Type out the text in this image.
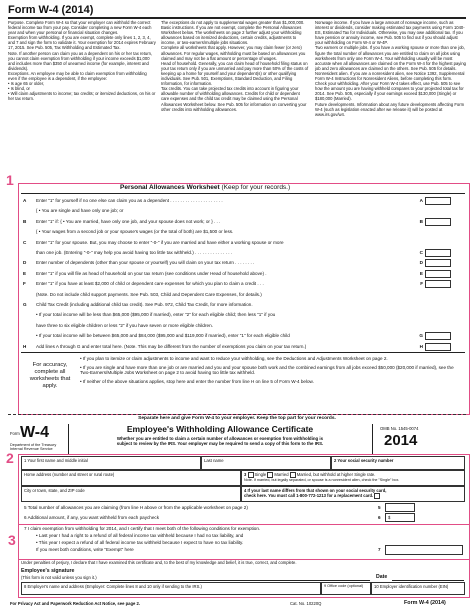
Form W-4 (2014)

Purpose. Complete Form W-4 so that your employer can withhold the correct federal income tax from your pay. Consider completing a new Form W-4 each year and when your personal or financial situation changes.

Exemption from withholding. If you are exempt, complete only lines 1, 2, 3, 4, and 7 and sign the form to validate it. Your exemption for 2014 expires February 17, 2015. See Pub. 505, Tax Withholding and Estimated Tax.

Note. If another person can claim you as a dependent on his or her tax return, you cannot claim exemption from withholding if your income exceeds $1,000 and includes more than $350 of unearned income (for example, interest and dividends).

Exceptions. An employee may be able to claim exemption from withholding even if the employee is a dependent, if the employee:

• Is age 65 or older,

• Is blind, or

• Will claim adjustments to income; tax credits; or itemized deductions, on his or her tax return.

The exceptions do not apply to supplemental wages greater than $1,000,000.

Basic instructions. If you are not exempt, complete the Personal Allowances Worksheet below. The worksheets on page 2 further adjust your withholding allowances based on itemized deductions, certain credits, adjustments to income, or two-earners/multiple jobs situations.

Complete all worksheets that apply. However, you may claim fewer (or zero) allowances. For regular wages, withholding must be based on allowances you claimed and may not be a flat amount or percentage of wages.

Head of household. Generally, you can claim head of household filing status on your tax return only if you are unmarried and pay more than 50% of the costs of keeping up a home for yourself and your dependent(s) or other qualifying individuals. See Pub. 501, Exemptions, Standard Deduction, and Filing Information, for information.

Tax credits. You can take projected tax credits into account in figuring your allowable number of withholding allowances. Credits for child or dependent care expenses and the child tax credit may be claimed using the Personal Allowances Worksheet below. See Pub. 505 for information on converting your other credits into withholding allowances.

Nonwage income. If you have a large amount of nonwage income, such as interest or dividends, consider making estimated tax payments using Form 1040-ES, Estimated Tax for Individuals. Otherwise, you may owe additional tax. If you have pension or annuity income, see Pub. 505 to find out if you should adjust your withholding on Form W-4 or W-4P.

Two earners or multiple jobs. If you have a working spouse or more than one job, figure the total number of allowances you are entitled to claim on all jobs using worksheets from only one Form W-4. Your withholding usually will be most accurate when all allowances are claimed on the Form W-4 for the highest paying job and zero allowances are claimed on the others. See Pub. 505 for details.

Nonresident alien. If you are a nonresident alien, see Notice 1392, Supplemental Form W-4 Instructions for Nonresident Aliens, before completing this form.

Check your withholding. After your Form W-4 takes effect, use Pub. 505 to see how the amount you are having withheld compares to your projected total tax for 2014. See Pub. 505, especially if your earnings exceed $130,000 (Single) or $180,000 (Married).

Future developments. Information about any future developments affecting Form W-4 (such as legislation enacted after we release it) will be posted at www.irs.gov/w4.

1	Personal Allowances Worksheet (Keep for your records.)
A Enter "1" for yourself if no one else can claim you as a dependent . . . . . . . . . . . . . . . . . . . . .	A
{ • You are single and have only one job; or
B Enter "1" if: { • You are married, have only one job, and your spouse does not work; or } . . .	B
{ • Your wages from a second job or your spouse's wages (or the total of both) are $1,500 or less.
C Enter "1" for your spouse. But, you may choose to enter "-0-" if you are married and have either a working spouse or more
than one job. (Entering "-0-" may help you avoid having too little tax withheld.) . . . . . . . . . . . . . . .	C
D Enter number of dependents (other than your spouse or yourself) you will claim on your tax return . . . . . . . .	D
E Enter "1" if you will file as head of household on your tax return (see conditions under Head of household above) .	E
F Enter "1" if you have at least $2,000 of child or dependent care expenses for which you plan to claim a credit . . .	F
(Note. Do not include child support payments. See Pub. 503, Child and Dependent Care Expenses, for details.)
G Child Tax Credit (including additional child tax credit). See Pub. 972, Child Tax Credit, for more information.
• If your total income will be less than $65,000 ($95,000 if married), enter "2" for each eligible child; then less "1" if you
have three to six eligible children or less "2" if you have seven or more eligible children.
• If your total income will be between $65,000 and $84,000 ($95,000 and $119,000 if married), enter "1" for each eligible child	G
H Add lines A through G and enter total here. (Note. This may be different from the number of exemptions you claim on your tax return.)	H
For accuracy, complete all worksheets that apply.
• If you plan to itemize or claim adjustments to income and want to reduce your withholding, see the Deductions and Adjustments Worksheet on page 2.
• If you are single and have more than one job or are married and you and your spouse both work and the combined earnings from all jobs exceed $50,000 ($20,000 if married), see the Two-Earners/Multiple Jobs Worksheet on page 2 to avoid having too little tax withheld.
• If neither of the above situations applies, stop here and enter the number from line H on line 5 of Form W-4 below.
Separate here and give Form W-4 to your employer. Keep the top part for your records.
Form W-4
Department of the Treasury Internal Revenue Service
Employee's Withholding Allowance Certificate
Whether you are entitled to claim a certain number of allowances or exemption from withholding is
subject to review by the IRS. Your employer may be required to send a copy of this form to the IRS.
OMB No. 1545-0074
2014
2	1 Your first name and middle initial	Last name	2 Your social security number
Home address (number and street or rural route)	3 Single Married Married, but withhold at higher Single rate.
Note. If married, but legally separated, or spouse is a nonresident alien, check the "Single" box.
City or town, state, and ZIP code	4 If your last name differs from that shown on your social security card,
check here. You must call 1-800-772-1213 for a replacement card.
5 Total number of allowances you are claiming (from line H above or from the applicable worksheet on page 2)	5
6 Additional amount, if any, you want withheld from each paycheck	6	$
3
7 I claim exemption from withholding for 2014, and I certify that I meet both of the following conditions for exemption.
• Last year I had a right to a refund of all federal income tax withheld because I had no tax liability, and
• This year I expect a refund of all federal income tax withheld because I expect to have no tax liability.
If you meet both conditions, write "Exempt" here	7
Under penalties of perjury, I declare that I have examined this certificate and, to the best of my knowledge and belief, it is true, correct, and complete.
Employee's signature
(This form is not valid unless you sign it.)	Date
8 Employer's name and address (Employer: Complete lines 8 and 10 only if sending to the IRS.)	9 Office code (optional)	10 Employer identification number (EIN)
For Privacy Act and Paperwork Reduction Act Notice, see page 2.	Cat. No. 10220Q	Form W-4 (2014)
